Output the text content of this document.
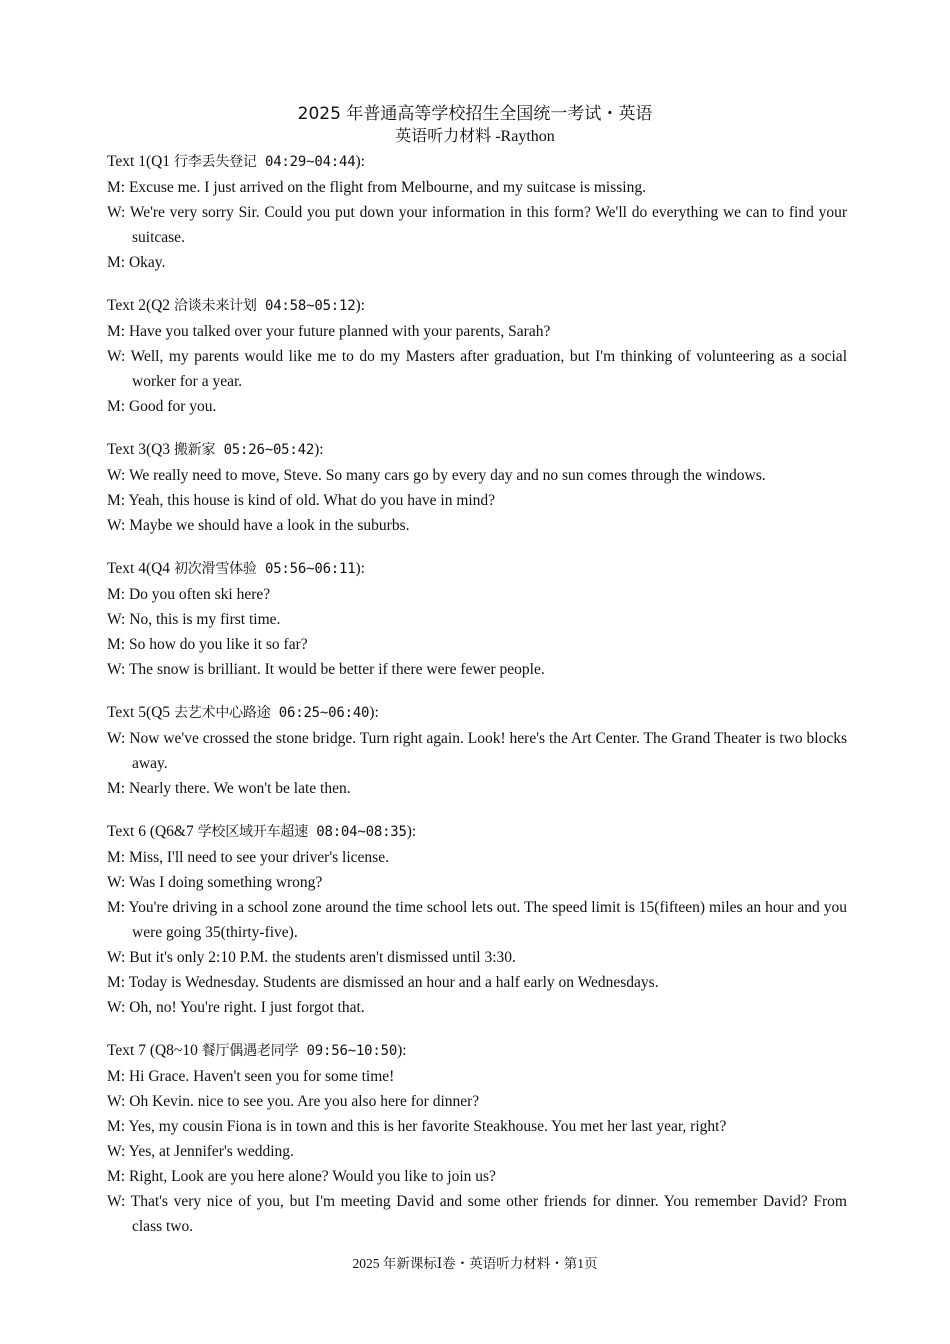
2025 年普通高等学校招生全国统一考试・英语
英语听力材料 -Raython

Text 1(Q1 行李丢失登记 04:29~04:44):

M: Excuse me. I just arrived on the flight from Melbourne, and my suitcase is missing.

W: We're very sorry Sir. Could you put down your information in this form? We'll do everything we can to find your suitcase.

M: Okay.

Text 2(Q2 洽谈未来计划 04:58~05:12):

M: Have you talked over your future planned with your parents, Sarah?

W: Well, my parents would like me to do my Masters after graduation, but I'm thinking of volunteering as a social worker for a year.

M: Good for you.

Text 3(Q3 搬新家 05:26~05:42):

W: We really need to move, Steve. So many cars go by every day and no sun comes through the windows.

M: Yeah, this house is kind of old. What do you have in mind?

W: Maybe we should have a look in the suburbs.

Text 4(Q4 初次滑雪体验 05:56~06:11):

M: Do you often ski here?

W: No, this is my first time.

M: So how do you like it so far?

W: The snow is brilliant. It would be better if there were fewer people.

Text 5(Q5 去艺术中心路途 06:25~06:40):

W: Now we've crossed the stone bridge. Turn right again. Look! here's the Art Center. The Grand Theater is two blocks away.

M: Nearly there. We won't be late then.

Text 6 (Q6&7 学校区域开车超速 08:04~08:35):

M: Miss, I'll need to see your driver's license.

W: Was I doing something wrong?

M: You're driving in a school zone around the time school lets out. The speed limit is 15(fifteen) miles an hour and you were going 35(thirty-five).

W: But it's only 2:10 P.M. the students aren't dismissed until 3:30.

M: Today is Wednesday. Students are dismissed an hour and a half early on Wednesdays.

W: Oh, no! You're right. I just forgot that.

Text 7 (Q8~10 餐厅偶遇老同学 09:56~10:50):

M: Hi Grace. Haven't seen you for some time!

W: Oh Kevin. nice to see you. Are you also here for dinner?

M: Yes, my cousin Fiona is in town and this is her favorite Steakhouse. You met her last year, right?

W: Yes, at Jennifer's wedding.

M: Right, Look are you here alone? Would you like to join us?

W: That's very nice of you, but I'm meeting David and some other friends for dinner. You remember David? From class two.

2025 年新课标Ⅰ卷・英语听力材料・第1页
